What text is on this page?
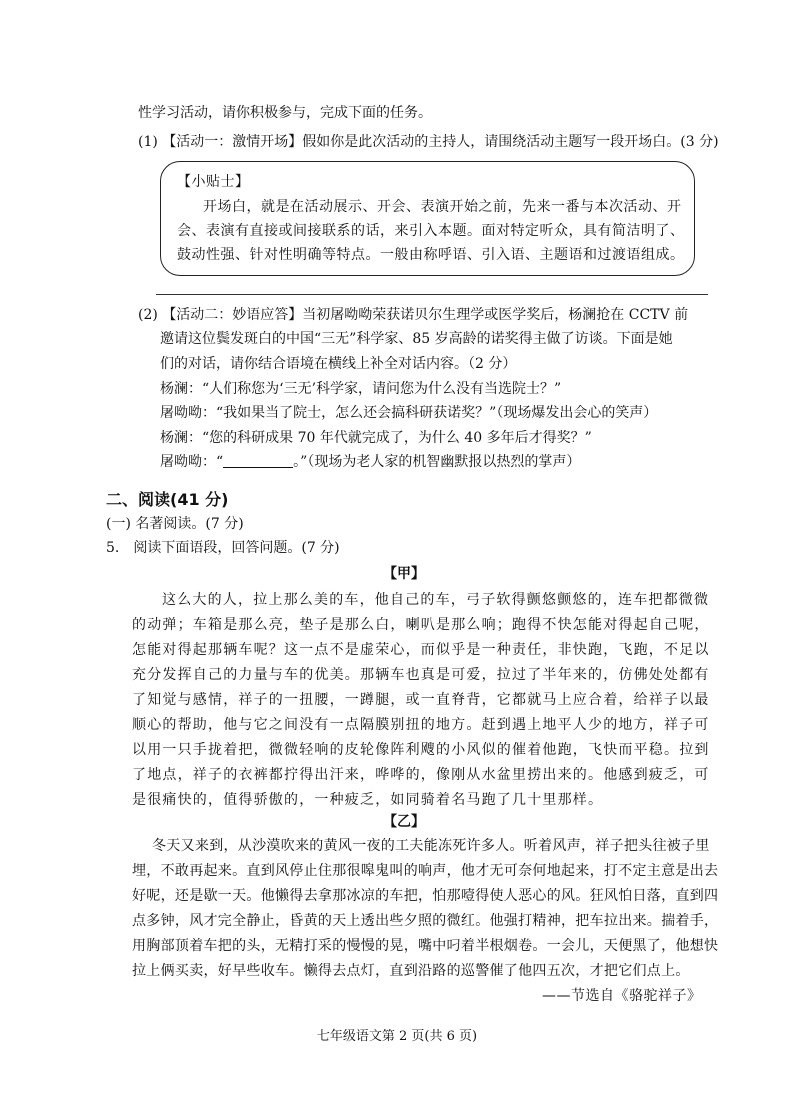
性学习活动，请你积极参与，完成下面的任务。
(1) 【活动一：激情开场】假如你是此次活动的主持人，请围绕活动主题写一段开场白。(3 分)
【小贴士】
开场白，就是在活动展示、开会、表演开始之前，先来一番与本次活动、开
会、表演有直接或间接联系的话，来引入本题。面对特定听众，具有简洁明了、
鼓动性强、针对性明确等特点。一般由称呼语、引入语、主题语和过渡语组成。
(2) 【活动二：妙语应答】当初屠呦呦荣获诺贝尔生理学或医学奖后，杨澜抢在 CCTV 前
邀请这位鬓发斑白的中国“三无”科学家、85 岁高龄的诺奖得主做了访谈。下面是她
们的对话，请你结合语境在横线上补全对话内容。（2 分）
杨澜：“人们称您为‘三无’科学家，请问您为什么没有当选院士？”
屠呦呦：“我如果当了院士，怎么还会搞科研获诺奖？”（现场爆发出会心的笑声）
杨澜：“您的科研成果 70 年代就完成了，为什么 40 多年后才得奖？”
屠呦呦：“	。”（现场为老人家的机智幽默报以热烈的掌声）
二、阅读(41 分)
(一) 名著阅读。(7 分)
5.　阅读下面语段，回答问题。(7 分)
【甲】
这么大的人，拉上那么美的车，他自己的车，弓子软得颤悠颤悠的，连车把都微微
的动弹；车箱是那么亮，垫子是那么白，喇叭是那么响；跑得不快怎能对得起自己呢，
怎能对得起那辆车呢？这一点不是虚荣心，而似乎是一种责任，非快跑，飞跑，不足以
充分发挥自己的力量与车的优美。那辆车也真是可爱，拉过了半年来的，仿佛处处都有
了知觉与感情，祥子的一扭腰，一蹲腿，或一直脊背，它都就马上应合着，给祥子以最
顺心的帮助，他与它之间没有一点隔膜别扭的地方。赶到遇上地平人少的地方，祥子可
以用一只手拢着把，微微轻响的皮轮像阵利飕的小风似的催着他跑，飞快而平稳。拉到
了地点，祥子的衣裤都拧得出汗来，哗哗的，像刚从水盆里捞出来的。他感到疲乏，可
是很痛快的，值得骄傲的，一种疲乏，如同骑着名马跑了几十里那样。
【乙】
冬天又来到，从沙漠吹来的黄风一夜的工夫能冻死许多人。听着风声，祥子把头往被子里
埋，不敢再起来。直到风停止住那很嗥鬼叫的响声，他才无可奈何地起来，打不定主意是出去
好呢，还是歇一天。他懒得去拿那冰凉的车把，怕那噎得使人恶心的风。狂风怕日落，直到四
点多钟，风才完全静止，昏黄的天上透出些夕照的微红。他强打精神，把车拉出来。揣着手，
用胸部顶着车把的头，无精打采的慢慢的晃，嘴中叼着半根烟卷。一会儿，天便黑了，他想快
拉上俩买卖，好早些收车。懒得去点灯，直到沿路的巡警催了他四五次，才把它们点上。
——节选自《骆驼祥子》
七年级语文第 2 页(共 6 页)
